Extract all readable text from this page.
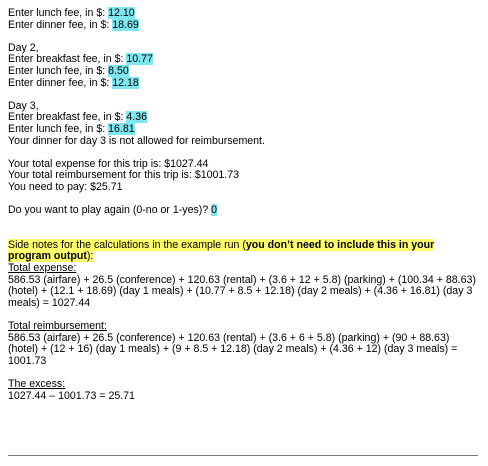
Enter lunch fee, in $: 12.10
Enter dinner fee, in $: 18.69
Day 2,
Enter breakfast fee, in $: 10.77
Enter lunch fee, in $: 8.50
Enter dinner fee, in $: 12.18
Day 3,
Enter breakfast fee, in $: 4.36
Enter lunch fee, in $: 16.81
Your dinner for day 3 is not allowed for reimbursement.
Your total expense for this trip is: $1027.44
Your total reimbursement for this trip is: $1001.73
You need to pay: $25.71
Do you want to play again (0-no or 1-yes)? 0
Side notes for the calculations in the example run (you don’t need to include this in your program output):
Total expense:
586.53 (airfare) + 26.5 (conference) + 120.63 (rental) + (3.6 + 12 + 5.8) (parking) + (100.34 + 88.63) (hotel) + (12.1 + 18.69) (day 1 meals) + (10.77 + 8.5 + 12.18) (day 2 meals) + (4.36 + 16.81) (day 3 meals) = 1027.44
Total reimbursement:
586.53 (airfare) + 26.5 (conference) + 120.63 (rental) + (3.6 + 6 + 5.8) (parking) + (90 + 88.63) (hotel) + (12 + 16) (day 1 meals) + (9 + 8.5 + 12.18) (day 2 meals) + (4.36 + 12) (day 3 meals) = 1001.73
The excess:
1027.44 – 1001.73 = 25.71
